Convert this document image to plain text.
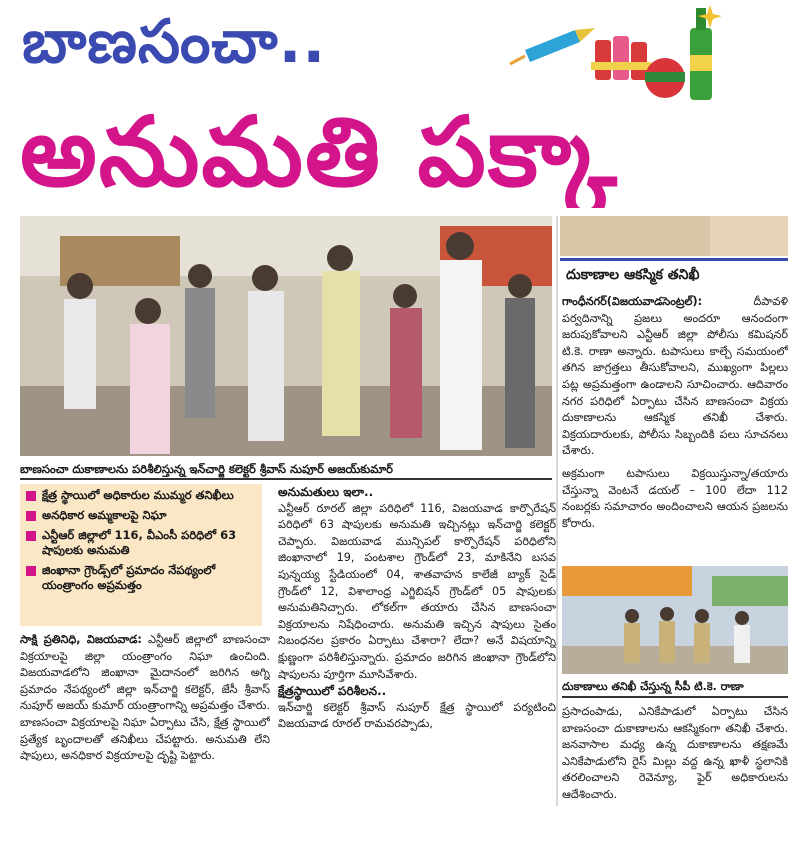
బాణసంచా..
అనుమతి పక్కా
బాణసంచా దుకాణాలను పరిశీలిస్తున్న ఇన్‌చార్జి కలెక్టర్ శ్రీవాస్ నుపూర్ అజయ్‌కుమార్
క్షేత్ర స్థాయిలో అధికారుల ముమ్మర తనిఖీలు
అనధికార అమ్మకాలపై నిఘా
ఎన్టీఆర్ జిల్లాలో 116, వీఎంసీ పరిధిలో 63 షాపులకు అనుమతి
జింఖానా గ్రౌండ్స్‌లో ప్రమాదం నేపథ్యంలో యంత్రాంగం అప్రమత్తం
సాక్షి ప్రతినిధి, విజయవాడ: ఎన్టీఆర్ జిల్లాలో బాణసంచా విక్రయాలపై జిల్లా యంత్రాంగం నిఘా ఉంచింది. విజయవాడలోని జింఖానా మైదానంలో జరిగిన అగ్ని ప్రమాదం నేపథ్యంలో జిల్లా ఇన్‌చార్జి కలెక్టర్, జేసీ శ్రీవాస్ నుపూర్ అజయ్ కుమార్ యంత్రాంగాన్ని అప్రమత్తం చేశారు. బాణసంచా విక్రయాలపై నిఘా ఏర్పాటు చేసి, క్షేత్ర స్థాయిలో ప్రత్యేక బృందాలతో తనిఖీలు చేపట్టారు. అనుమతి లేని షాపులు, అనధికార విక్రయాలపై దృష్టి పెట్టారు.
అనుమతులు ఇలా..
ఎన్టీఆర్ రూరల్ జిల్లా పరిధిలో 116, విజయవాడ కార్పొరేషన్ పరిధిలో 63 షాపులకు అనుమతి ఇచ్చినట్లు ఇన్‌చార్జి కలెక్టర్ చెప్పారు. విజయవాడ మున్సిపల్ కార్పొరేషన్ పరిధిలోని జింఖానాలో 19, పంటశాల గ్రౌండ్‌లో 23, మాకినేని బసవ పున్నయ్య స్టేడియంలో 04, శాతవాహన కాలేజీ బ్యాక్ సైడ్ గ్రౌండ్‌లో 12, విశాలాంధ్ర ఎగ్జిబిషన్ గ్రౌండ్‌లో 05 షాపులకు అనుమతినిచ్చారు. లోకల్‌గా తయారు చేసిన బాణసంచా విక్రయాలను నిషేధించారు. అనుమతి ఇచ్చిన షాపులు సైతం నిబంధనల ప్రకారం ఏర్పాటు చేశారా? లేదా? అనే విషయాన్ని క్షుణ్ణంగా పరిశీలిస్తున్నారు. ప్రమాదం జరిగిన జింఖానా గ్రౌండ్‌లోని షాపులను పూర్తిగా మూసివేశారు.
క్షేత్రస్థాయిలో పరిశీలన..
ఇన్‌చార్జి కలెక్టర్ శ్రీవాస్ నుపూర్ క్షేత్ర స్థాయిలో పర్యటించి విజయవాడ రూరల్ రామవరప్పాడు,
దుకాణాల ఆకస్మిక తనిఖీ
గాంధీనగర్(విజయవాడసెంట్రల్):	దీపావళి పర్వదినాన్ని ప్రజలు అందరూ ఆనందంగా జరుపుకోవాలని ఎన్టీఆర్ జిల్లా పోలీసు కమిషనర్ టి.కె. రాణా అన్నారు. టపాసులు కాల్చే సమయంలో తగిన జాగ్రత్తలు తీసుకోవాలని, ముఖ్యంగా పిల్లలు పట్ల అప్రమత్తంగా ఉండాలని సూచించారు. ఆదివారం నగర పరిధిలో ఏర్పాటు చేసిన బాణసంచా విక్రయ దుకాణాలను ఆకస్మిక తనిఖీ చేశారు. విక్రయదారులకు, పోలీసు సిబ్బందికి పలు సూచనలు చేశారు.
అక్రమంగా టపాసులు విక్రయిస్తున్నా/తయారు చేస్తున్నా వెంటనే డయల్ – 100 లేదా 112 నంబర్లకు సమాచారం అందించాలని ఆయన ప్రజలను కోరారు.
దుకాణాలు తనిఖీ చేస్తున్న సీపీ టి.కె. రాణా
ప్రసాదంపాడు, ఎనికేపాడులో ఏర్పాటు చేసిన బాణసంచా దుకాణాలను ఆకస్మికంగా తనిఖీ చేశారు. జనవాసాల మధ్య ఉన్న దుకాణాలను తక్షణమే ఎనికేపాడులోని రైస్ మిల్లు వద్ద ఉన్న ఖాళీ స్థలానికి తరలించాలని రెవెన్యూ, ఫైర్ అధికారులను ఆదేశించారు.
